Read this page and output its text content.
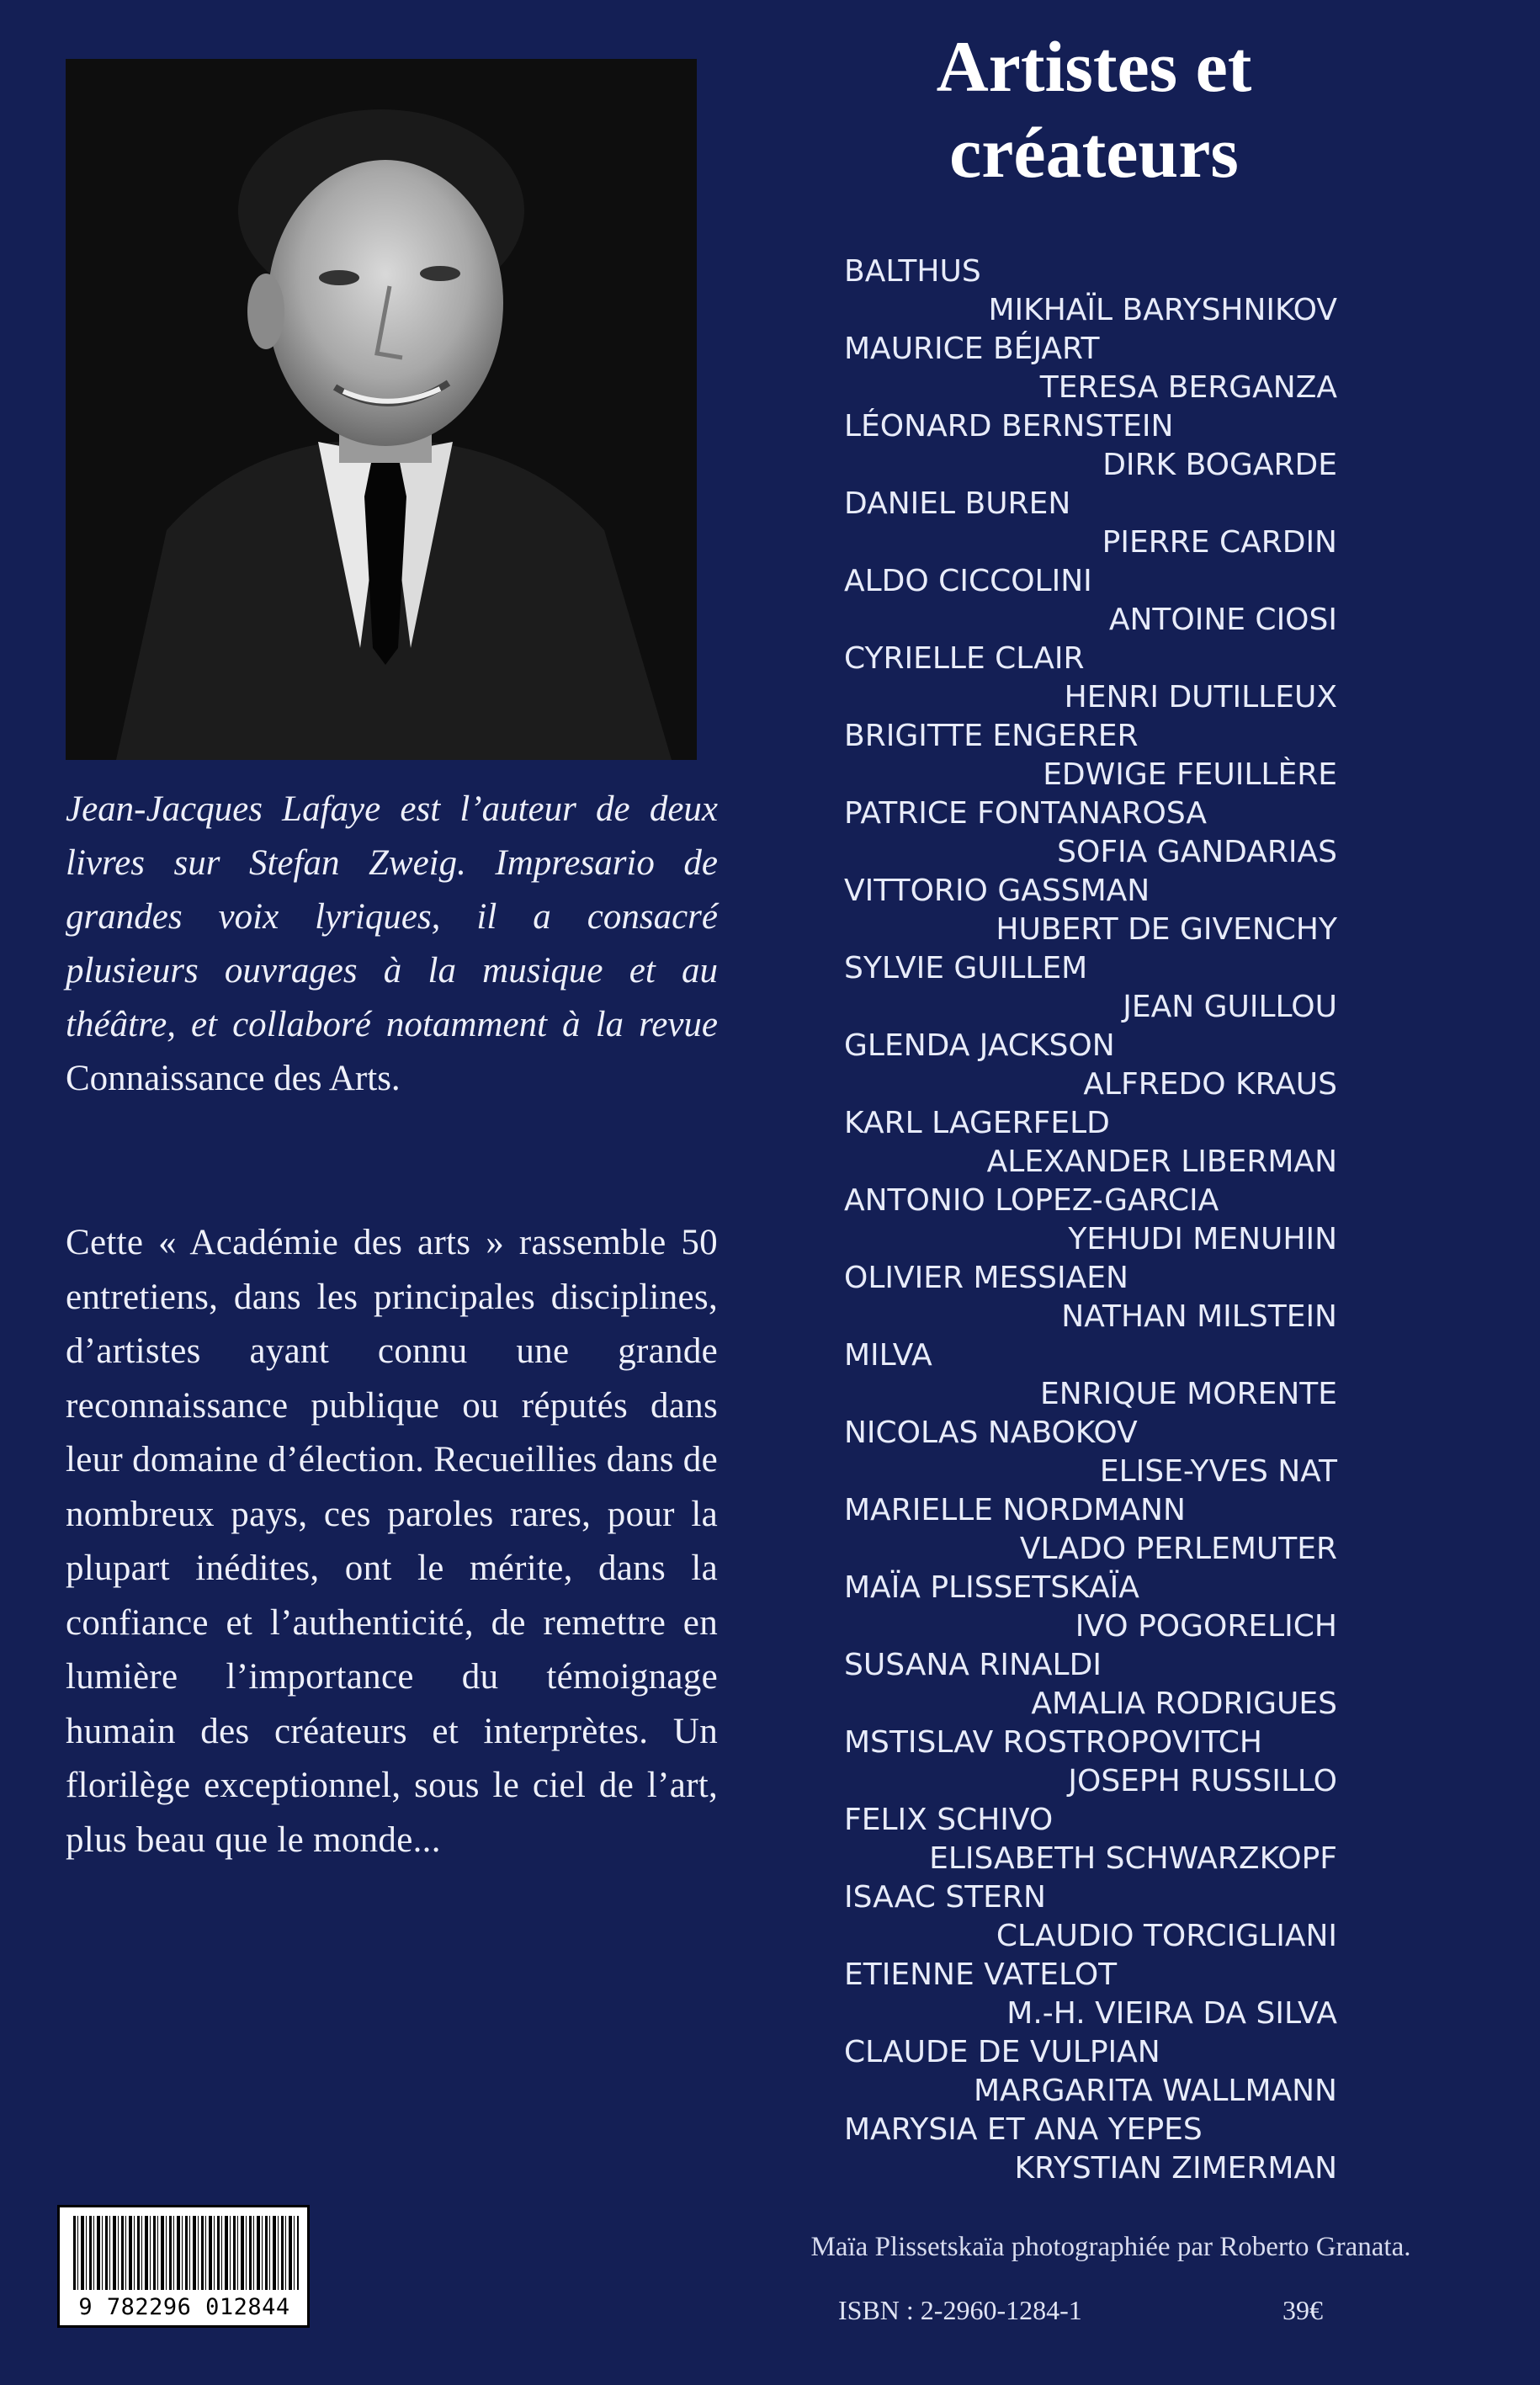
Jean-Jacques Lafaye est l’auteur de deux livres sur Stefan Zweig. Impresario de grandes voix lyriques, il a consacré plusieurs ouvrages à la musique et au théâtre, et collaboré notamment à la revue Connaissance des Arts.

Cette « Académie des arts » rassemble 50 entretiens, dans les principales disciplines, d’artistes ayant connu une grande reconnaissance publique ou réputés dans leur domaine d’élection. Recueillies dans de nombreux pays, ces paroles rares, pour la plupart inédites, ont le mérite, dans la confiance et l’authenticité, de remettre en lumière l’importance du témoignage humain des créateurs et interprètes. Un florilège exceptionnel, sous le ciel de l’art, plus beau que le monde...

Artistes et créateurs
BALTHUS
MIKHAÏL BARYSHNIKOV
MAURICE BÉJART
TERESA BERGANZA
LÉONARD BERNSTEIN
DIRK BOGARDE
DANIEL BUREN
PIERRE CARDIN
ALDO CICCOLINI
ANTOINE CIOSI
CYRIELLE CLAIR
HENRI DUTILLEUX
BRIGITTE ENGERER
EDWIGE FEUILLÈRE
PATRICE FONTANAROSA
SOFIA GANDARIAS
VITTORIO GASSMAN
HUBERT DE GIVENCHY
SYLVIE GUILLEM
JEAN GUILLOU
GLENDA JACKSON
ALFREDO KRAUS
KARL LAGERFELD
ALEXANDER LIBERMAN
ANTONIO LOPEZ-GARCIA
YEHUDI MENUHIN
OLIVIER MESSIAEN
NATHAN MILSTEIN
MILVA
ENRIQUE MORENTE
NICOLAS NABOKOV
ELISE-YVES NAT
MARIELLE NORDMANN
VLADO PERLEMUTER
MAÏA PLISSETSKAÏA
IVO POGORELICH
SUSANA RINALDI
AMALIA RODRIGUES
MSTISLAV ROSTROPOVITCH
JOSEPH RUSSILLO
FELIX SCHIVO
ELISABETH SCHWARZKOPF
ISAAC STERN
CLAUDIO TORCIGLIANI
ETIENNE VATELOT
M.-H. VIEIRA DA SILVA
CLAUDE DE VULPIAN
MARGARITA WALLMANN
MARYSIA ET ANA YEPES
KRYSTIAN ZIMERMAN
9 782296 012844

Maïa Plissetskaïa photographiée par Roberto Granata.

ISBN : 2-2960-1284-1	39€
